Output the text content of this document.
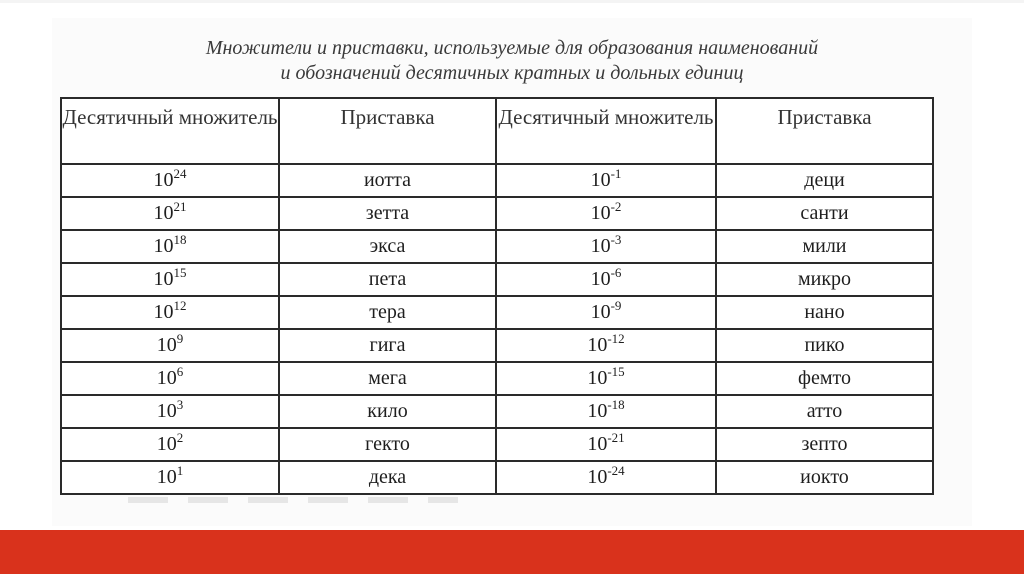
Множители и приставки, используемые для образования наименований
и обозначений десятичных кратных и дольных единиц
Десятичный множитель	Приставка	Десятичный множитель	Приставка
$10^{24}$	иотта	$10^{-1}$	деци
$10^{21}$	зетта	$10^{-2}$	санти
$10^{18}$	экса	$10^{-3}$	мили
$10^{15}$	пета	$10^{-6}$	микро
$10^{12}$	тера	$10^{-9}$	нано
$10^9$	гига	$10^{-12}$	пико
$10^6$	мега	$10^{-15}$	фемто
$10^3$	кило	$10^{-18}$	атто
$10^2$	гекто	$10^{-21}$	зепто
$10^1$	дека	$10^{-24}$	иокто
